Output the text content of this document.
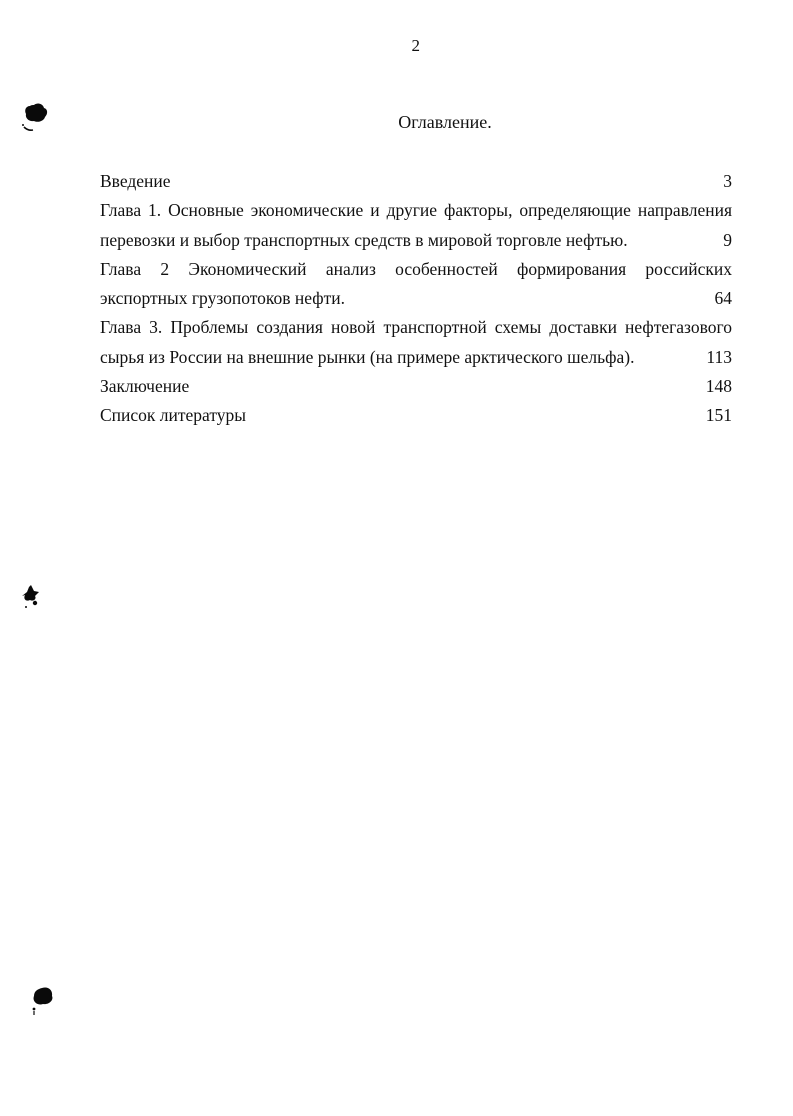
2
Оглавление.
Введение	3
Глава 1. Основные экономические и другие факторы, определяющие направления
перевозки и выбор транспортных средств в мировой торговле нефтью.	9
Глава 2 Экономический анализ особенностей формирования российских
экспортных грузопотоков нефти.	64
Глава 3. Проблемы создания новой транспортной схемы доставки нефтегазового
сырья из России на внешние рынки (на примере арктического шельфа).	113
Заключение	148
Список литературы	151
